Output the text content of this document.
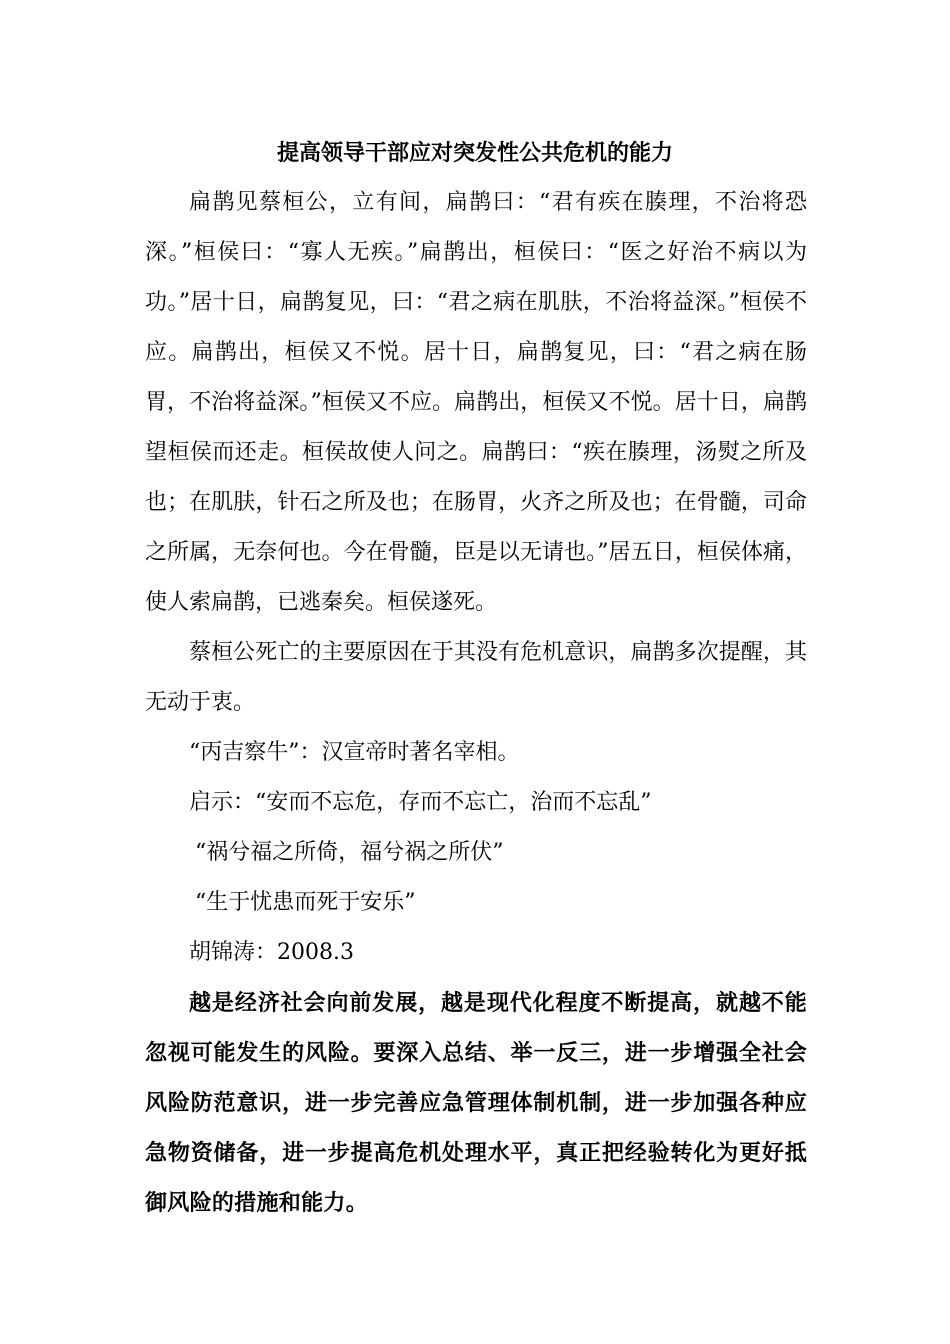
提高领导干部应对突发性公共危机的能力

扁鹊见蔡桓公，立有间，扁鹊曰：“君有疾在腠理，不治将恐深。”桓侯曰：“寡人无疾。”扁鹊出，桓侯曰：“医之好治不病以为功。”居十日，扁鹊复见，曰：“君之病在肌肤，不治将益深。”桓侯不应。扁鹊出，桓侯又不悦。居十日，扁鹊复见，曰：“君之病在肠胃，不治将益深。”桓侯又不应。扁鹊出，桓侯又不悦。居十日，扁鹊望桓侯而还走。桓侯故使人问之。扁鹊曰：“疾在腠理，汤熨之所及也；在肌肤，针石之所及也；在肠胃，火齐之所及也；在骨髓，司命之所属，无奈何也。今在骨髓，臣是以无请也。”居五日，桓侯体痛，使人索扁鹊，已逃秦矣。桓侯遂死。

蔡桓公死亡的主要原因在于其没有危机意识，扁鹊多次提醒，其无动于衷。

“丙吉察牛”：汉宣帝时著名宰相。

启示：“安而不忘危，存而不忘亡，治而不忘乱”

“祸兮福之所倚，福兮祸之所伏”

“生于忧患而死于安乐”

胡锦涛：2008.3

越是经济社会向前发展，越是现代化程度不断提高，就越不能忽视可能发生的风险。要深入总结、举一反三，进一步增强全社会风险防范意识，进一步完善应急管理体制机制，进一步加强各种应急物资储备，进一步提高危机处理水平，真正把经验转化为更好抵御风险的措施和能力。
